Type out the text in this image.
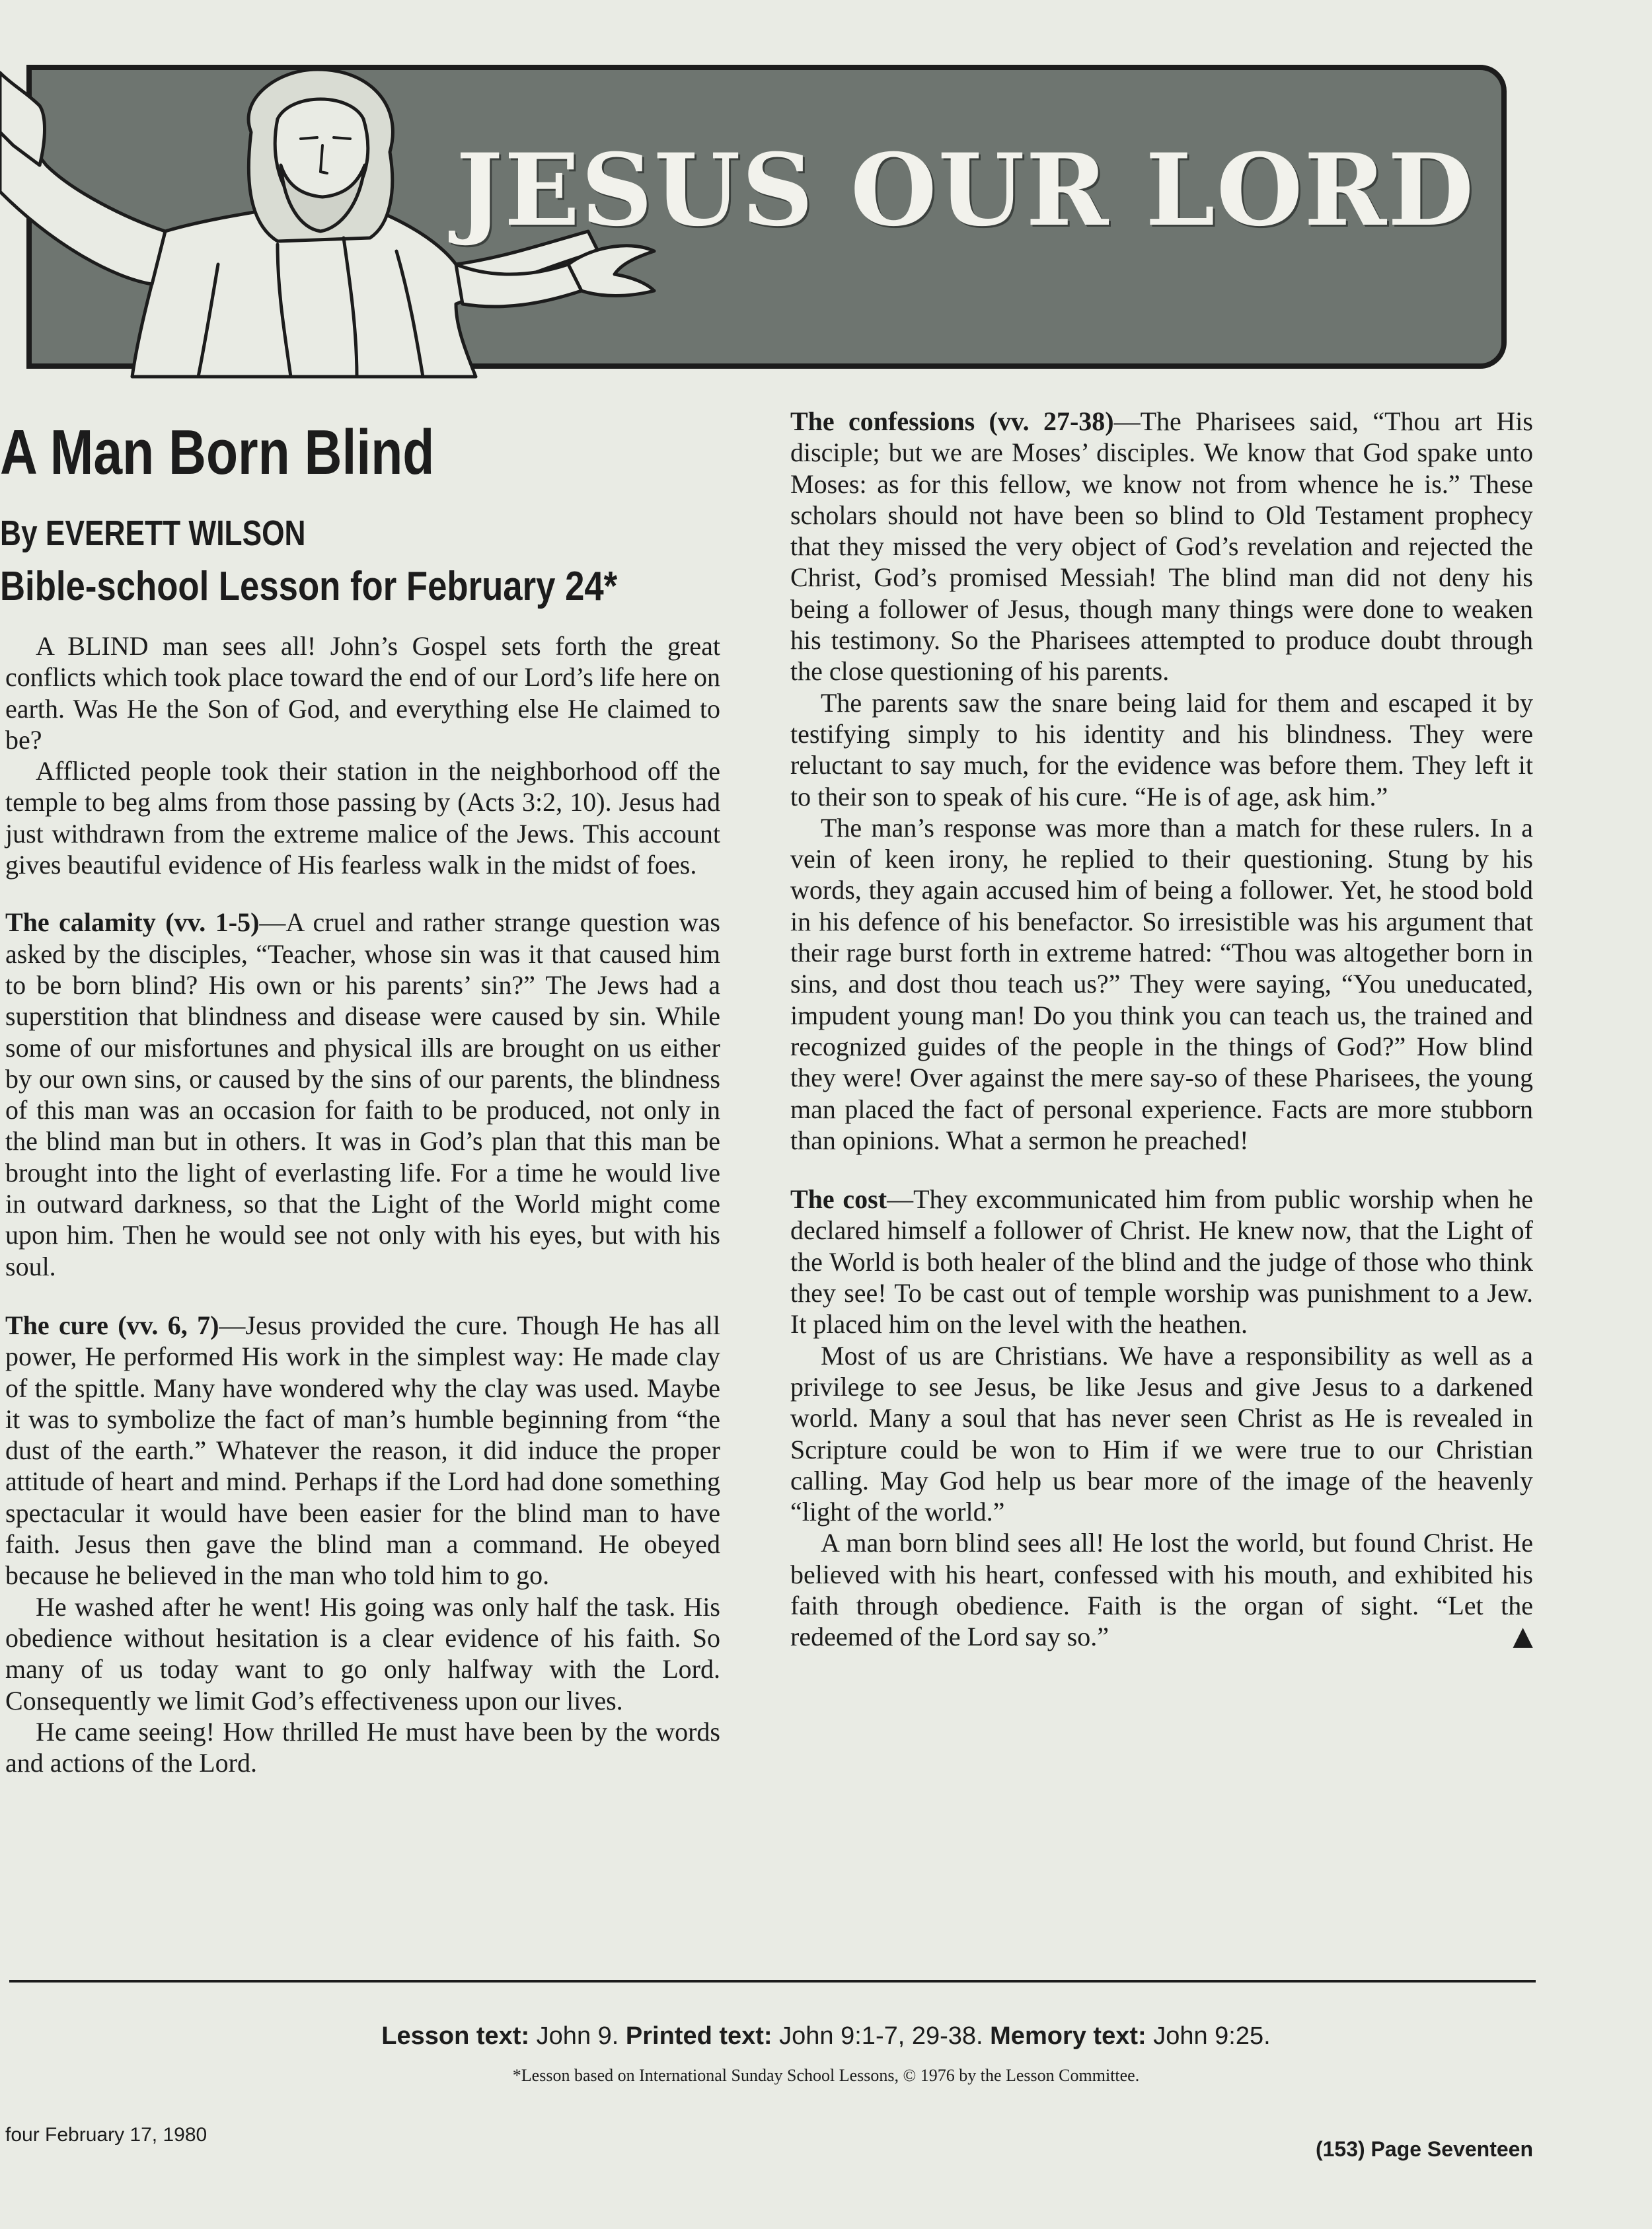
JESUS OUR LORD
A Man Born Blind
By EVERETT WILSON
Bible-school Lesson for February 24*

A BLIND man sees all! John’s Gospel sets forth the great conflicts which took place toward the end of our Lord’s life here on earth. Was He the Son of God, and everything else He claimed to be?

Afflicted people took their station in the neighborhood off the temple to beg alms from those passing by (Acts 3:2, 10). Jesus had just withdrawn from the extreme malice of the Jews. This account gives beautiful evidence of His fearless walk in the midst of foes.

The calamity (vv. 1-5)—A cruel and rather strange question was asked by the disciples, “Teacher, whose sin was it that caused him to be born blind? His own or his parents’ sin?” The Jews had a superstition that blindness and disease were caused by sin. While some of our misfortunes and physical ills are brought on us either by our own sins, or caused by the sins of our parents, the blindness of this man was an occasion for faith to be produced, not only in the blind man but in others. It was in God’s plan that this man be brought into the light of everlasting life. For a time he would live in outward darkness, so that the Light of the World might come upon him. Then he would see not only with his eyes, but with his soul.

The cure (vv. 6, 7)—Jesus provided the cure. Though He has all power, He performed His work in the simplest way: He made clay of the spittle. Many have wondered why the clay was used. Maybe it was to symbolize the fact of man’s humble beginning from “the dust of the earth.” Whatever the reason, it did induce the proper attitude of heart and mind. Perhaps if the Lord had done something spectacular it would have been easier for the blind man to have faith. Jesus then gave the blind man a command. He obeyed because he believed in the man who told him to go.

He washed after he went! His going was only half the task. His obedience without hesitation is a clear evidence of his faith. So many of us today want to go only halfway with the Lord. Consequently we limit God’s effectiveness upon our lives.

He came seeing! How thrilled He must have been by the words and actions of the Lord.

The confessions (vv. 27-38)—The Pharisees said, “Thou art His disciple; but we are Moses’ disciples. We know that God spake unto Moses: as for this fellow, we know not from whence he is.” These scholars should not have been so blind to Old Testament prophecy that they missed the very object of God’s revelation and rejected the Christ, God’s promised Messiah! The blind man did not deny his being a follower of Jesus, though many things were done to weaken his testimony. So the Pharisees attempted to produce doubt through the close questioning of his parents.

The parents saw the snare being laid for them and escaped it by testifying simply to his identity and his blindness. They were reluctant to say much, for the evidence was before them. They left it to their son to speak of his cure. “He is of age, ask him.”

The man’s response was more than a match for these rulers. In a vein of keen irony, he replied to their questioning. Stung by his words, they again accused him of being a follower. Yet, he stood bold in his defence of his benefactor. So irresistible was his argument that their rage burst forth in extreme hatred: “Thou was altogether born in sins, and dost thou teach us?” They were saying, “You uneducated, impudent young man! Do you think you can teach us, the trained and recognized guides of the people in the things of God?” How blind they were! Over against the mere say-so of these Pharisees, the young man placed the fact of personal experience. Facts are more stubborn than opinions. What a sermon he preached!

The cost—They excommunicated him from public worship when he declared himself a follower of Christ. He knew now, that the Light of the World is both healer of the blind and the judge of those who think they see! To be cast out of temple worship was punishment to a Jew. It placed him on the level with the heathen.

Most of us are Christians. We have a responsibility as well as a privilege to see Jesus, be like Jesus and give Jesus to a darkened world. Many a soul that has never seen Christ as He is revealed in Scripture could be won to Him if we were true to our Christian calling. May God help us bear more of the image of the heavenly “light of the world.”

A man born blind sees all! He lost the world, but found Christ. He believed with his heart, confessed with his mouth, and exhibited his faith through obedience. Faith is the organ of sight. “Let the redeemed of the Lord say so.”	▲

Lesson text: John 9. Printed text: John 9:1-7, 29-38. Memory text: John 9:25.
*Lesson based on International Sunday School Lessons, © 1976 by the Lesson Committee.
four February 17, 1980
(153) Page Seventeen
